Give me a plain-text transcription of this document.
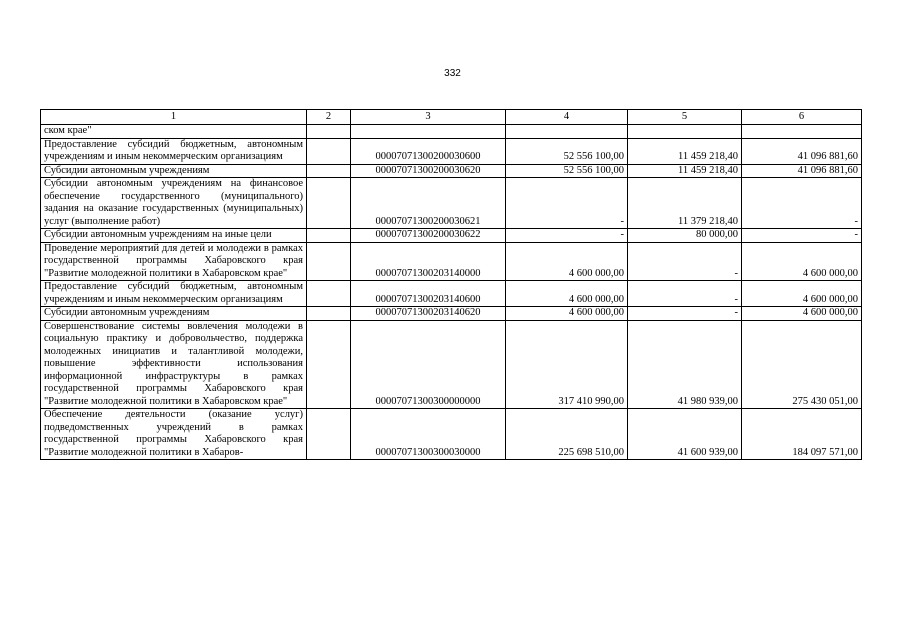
332
1	2	3	4	5	6
ском крае"					
Предоставление субсидий бюджетным, автономным учреждениям и иным некоммерческим организациям		00007071300200030600	52 556 100,00	11 459 218,40	41 096 881,60
Субсидии автономным учреждениям		00007071300200030620	52 556 100,00	11 459 218,40	41 096 881,60
Субсидии автономным учреждениям на финансовое обеспечение государственного (муниципального) задания на оказание государственных (муниципальных) услуг (выполнение работ)		00007071300200030621	-	11 379 218,40	-
Субсидии автономным учреждениям на иные цели		00007071300200030622	-	80 000,00	-
Проведение мероприятий для детей и молодежи в рамках государственной программы Хабаровского края "Развитие молодежной политики в Хабаровском крае"		00007071300203140000	4 600 000,00	-	4 600 000,00
Предоставление субсидий бюджетным, автономным учреждениям и иным некоммерческим организациям		00007071300203140600	4 600 000,00	-	4 600 000,00
Субсидии автономным учреждениям		00007071300203140620	4 600 000,00	-	4 600 000,00
Совершенствование системы вовлечения молодежи в социальную практику и добровольчество, поддержка молодежных инициатив и талантливой молодежи, повышение эффективности использования информационной инфраструктуры в рамках государственной программы Хабаровского края "Развитие молодежной политики в Хабаровском крае"		00007071300300000000	317 410 990,00	41 980 939,00	275 430 051,00
Обеспечение деятельности (оказание услуг) подведомственных учреждений в рамках государственной программы Хабаровского края "Развитие молодежной политики в Хабаров-		00007071300300030000	225 698 510,00	41 600 939,00	184 097 571,00
